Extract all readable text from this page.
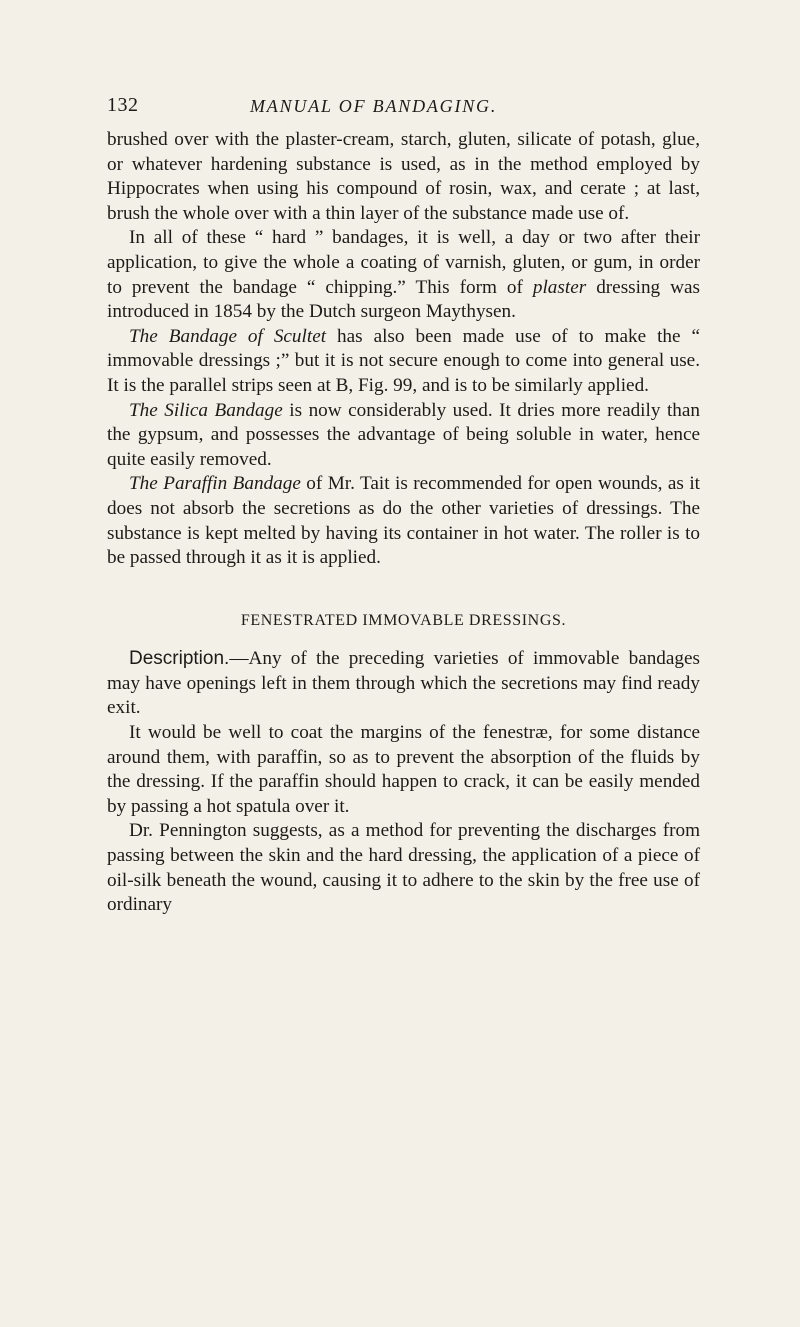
132	MANUAL OF BANDAGING.

brushed over with the plaster-cream, starch, gluten, silicate of potash, glue, or whatever hardening substance is used, as in the method employed by Hippocrates when using his compound of rosin, wax, and cerate ; at last, brush the whole over with a thin layer of the substance made use of.

In all of these “ hard ” bandages, it is well, a day or two after their application, to give the whole a coating of varnish, gluten, or gum, in order to prevent the bandage “ chipping.” This form of plaster dressing was introduced in 1854 by the Dutch surgeon Maythysen.

The Bandage of Scultet has also been made use of to make the “ immovable dressings ;” but it is not secure enough to come into general use. It is the parallel strips seen at B, Fig. 99, and is to be similarly applied.

The Silica Bandage is now considerably used. It dries more readily than the gypsum, and possesses the advantage of being soluble in water, hence quite easily removed.

The Paraffin Bandage of Mr. Tait is recommended for open wounds, as it does not absorb the secretions as do the other varieties of dressings. The substance is kept melted by having its container in hot water. The roller is to be passed through it as it is applied.

FENESTRATED IMMOVABLE DRESSINGS.

Description.—Any of the preceding varieties of immovable bandages may have openings left in them through which the secretions may find ready exit.

It would be well to coat the margins of the fenestræ, for some distance around them, with paraffin, so as to prevent the absorption of the fluids by the dressing. If the paraffin should happen to crack, it can be easily mended by passing a hot spatula over it.

Dr. Pennington suggests, as a method for preventing the discharges from passing between the skin and the hard dressing, the application of a piece of oil-silk beneath the wound, causing it to adhere to the skin by the free use of ordinary
